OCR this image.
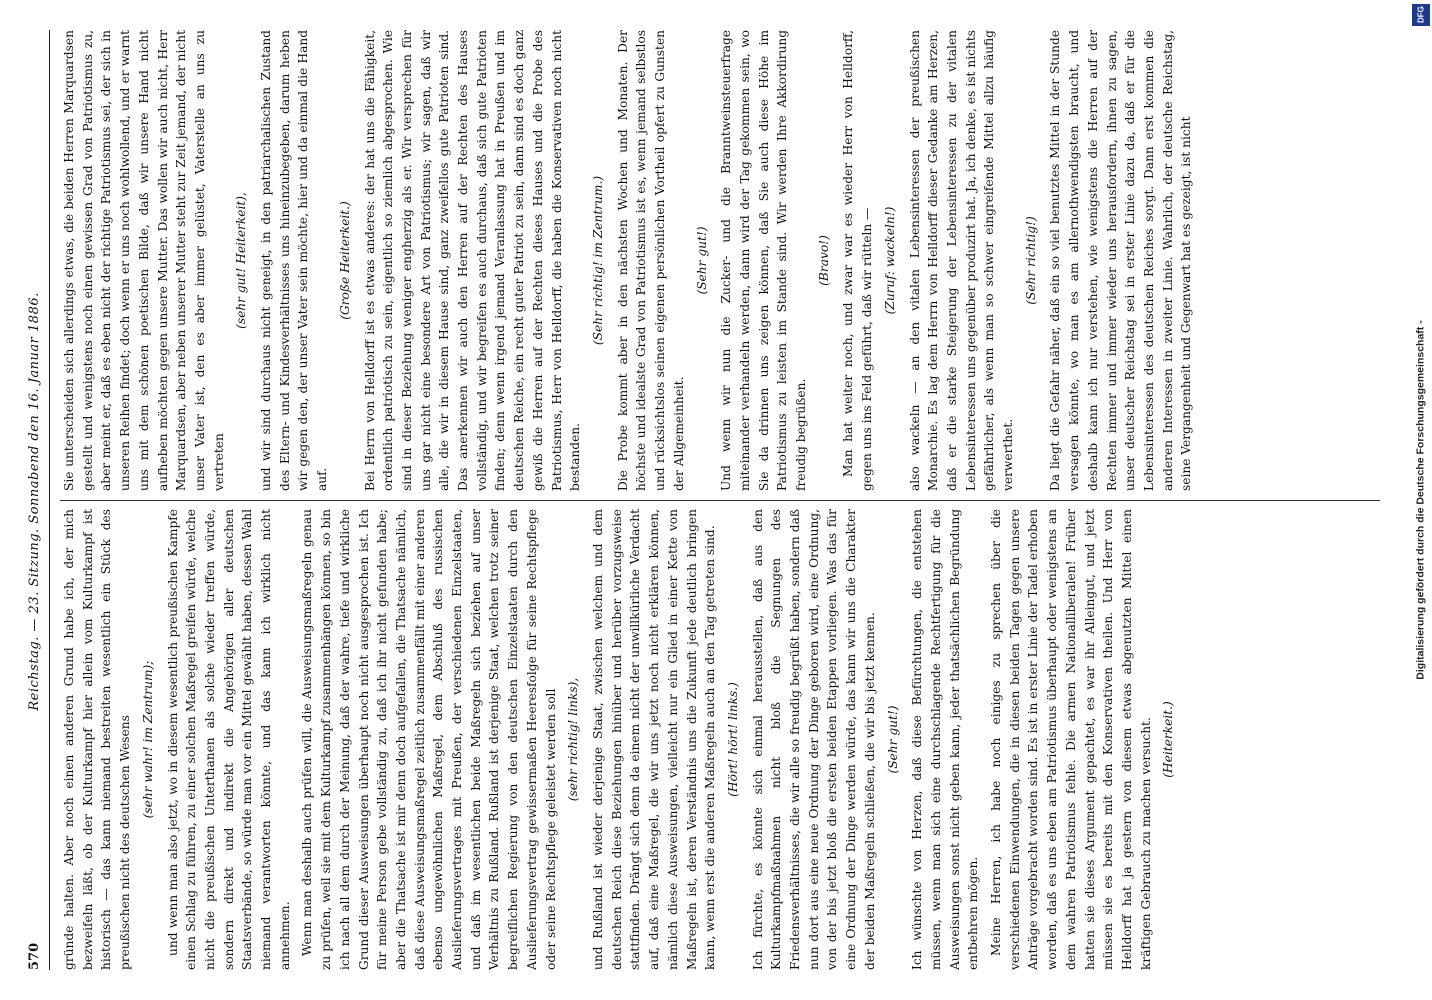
570
Reichstag. — 23. Sitzung. Sonnabend den 16. Januar 1886.

gründe halten. Aber noch einen anderen Grund habe ich, der mich bezweifeln läßt, ob der Kulturkampf hier allein vom Kulturkampf ist historisch — das kann niemand bestreiten wesentlich ein Stück des preußischen nicht des deutschen Wesens (sehr wahr! im Zentrum); und wenn man also jetzt, wo in diesem wesentlich preußischen Kampfe einen Schlag zu führen, zu einer solchen Maßregel greifen würde, welche nicht die preußischen Unterthanen als solche wieder treffen würde, sondern direkt und indirekt die Angehörigen aller deutschen Staatsverbände, so würde man vor ein Mittel gewählt haben, dessen Wahl niemand verantworten könnte, und das kann ich wirklich nicht annehmen. Wenn man deshalb auch prüfen will, die Ausweisungsmaßregeln genau zu prüfen, weil sie mit dem Kulturkampf zusammenhängen können, so bin ich nach all dem durch der Meinung, daß der wahre, tiefe und wirkliche Grund dieser Ausweisungen überhaupt noch nicht ausgesprochen ist. Ich für meine Person gebe vollständig zu, daß ich ihr nicht gefunden habe; aber die Thatsache ist mir denn doch aufgefallen, die Thatsache nämlich, daß diese Ausweisungsmaßregel zeitlich zusammenfällt mit einer anderen ebenso ungewöhnlichen Maßregel, dem Abschluß des russischen Auslieferungsvertrages mit Preußen, der verschiedenen Einzelstaaten, und daß im wesentlichen beide Maßregeln sich beziehen auf unser Verhältnis zu Rußland. Rußland ist derjenige Staat, welchen trotz seiner begreiflichen Regierung von den deutschen Einzelstaaten durch den Auslieferungsvertrag gewissermaßen Heeresfolge für seine Rechtspflege oder seine Rechtspflege geleistet werden soll (sehr richtig! links), und Rußland ist wieder derjenige Staat, zwischen welchem und dem deutschen Reich diese Beziehungen hinüber und herüber vorzugsweise stattfinden. Drängt sich denn da einem nicht der unwillkürliche Verdacht auf, daß eine Maßregel, die wir uns jetzt noch nicht erklären können, nämlich diese Ausweisungen, vielleicht nur ein Glied in einer Kette von Maßregeln ist, deren Verständnis uns die Zukunft jede deutlich bringen kann, wenn erst die anderen Maßregeln auch an den Tag getreten sind. (Hört! hört! links.) Ich fürchte, es könnte sich einmal herausstellen, daß aus den Kulturkampfmaßnahmen nicht bloß die Segnungen des Friedensverhältnisses, die wir alle so freudig begrüßt haben, sondern daß nun dort aus eine neue Ordnung der Dinge geboren wird, eine Ordnung, von der bis jetzt bloß die ersten beiden Etappen vorliegen. Was das für eine Ordnung der Dinge werden würde, das kann wir uns die Charakter der beiden Maßregeln schließen, die wir bis jetzt kennen. (Sehr gut!) Ich wünschte von Herzen, daß diese Befürchtungen, die entstehen müssen, wenn man sich eine durchschlagende Rechtfertigung für die Ausweisungen sonst nicht geben kann, jeder thatsächlichen Begründung entbehren mögen. Meine Herren, ich habe noch einiges zu sprechen über die verschiedenen Einwendungen, die in diesen beiden Tagen gegen unsere Anträge vorgebracht worden sind. Es ist in erster Linie der Tadel erhoben worden, daß es uns eben am Patriotismus überhaupt oder wenigstens an dem wahren Patriotismus fehle. Die armen Nationalliberalen! Früher hatten sie dieses Argument gepachtet, es war ihr Alleingut, und jetzt müssen sie es bereits mit den Konservativen theilen. Und Herr von Helldorff hat ja gestern von diesem etwas abgenutzten Mittel einen kräftigen Gebrauch zu machen versucht. (Heiterkeit.)

Sie unterscheiden sich allerdings etwas, die beiden Herren Marquardsen gestellt und wenigstens noch einen gewissen Grad von Patriotismus zu, aber meint er, daß es eben nicht der richtige Patriotismus sei, der sich in unseren Reihen findet; doch wenn er uns noch wohlwollend, und er warnt uns mit dem schönen poetischen Bilde, daß wir unsere Hand nicht aufheben möchten gegen unsere Mutter. Das wollen wir auch nicht, Herr Marquardsen, aber neben unserer Mutter steht zur Zeit jemand, der nicht unser Vater ist, den es aber immer gelüstet, Vaterstelle an uns zu vertreten

(sehr gut! Heiterkeit), und wir sind durchaus nicht geneigt, in den patriarchalischen Zustand des Eltern- und Kindesverhältnisses uns hineinzubegeben, darum heben wir gegen den, der unser Vater sein möchte, hier und da einmal die Hand auf.

(Große Heiterkeit.) Bei Herrn von Helldorff ist es etwas anderes: der hat uns die Fähigkeit, ordentlich patriotisch zu sein, eigentlich so ziemlich abgesprochen. Wie sind in dieser Beziehung weniger engherzig als er. Wir versprechen für uns gar nicht eine besondere Art von Patriotismus; wir sagen, daß wir alle, die wir in diesem Hause sind, ganz zweifellos gute Patrioten sind. Das anerkennen wir auch den Herren auf der Rechten des Hauses vollständig, und wir begreifen es auch durchaus, daß sich gute Patrioten finden; denn wenn irgend jemand Veranlassung hat in Preußen und im deutschen Reiche, ein recht guter Patriot zu sein, dann sind es doch ganz gewiß die Herren auf der Rechten dieses Hauses und die Probe des Patriotismus, Herr von Helldorff, die haben die Konservativen noch nicht bestanden.

(Sehr richtig! im Zentrum.) Die Probe kommt aber in den nächsten Wochen und Monaten. Der höchste und idealste Grad von Patriotismus ist es, wenn jemand selbstlos und rücksichtslos seinen eigenen persönlichen Vortheil opfert zu Gunsten der Allgemeinheit.

(Sehr gut!) Und wenn wir nun die Zucker- und die Branntweinsteuerfrage miteinander verhandeln werden, dann wird der Tag gekommen sein, wo Sie da drinnen uns zeigen können, daß Sie auch diese Höhe im Patriotismus zu leisten im Stande sind. Wir werden Ihre Akkordirung freudig begrüßen.

(Bravo!) Man hat weiter noch, und zwar war es wieder Herr von Helldorff, gegen uns ins Feld geführt, daß wir rütteln — (Zuruf: wackeln!) also wackeln — an den vitalen Lebensinteressen der preußischen Monarchie. Es lag dem Herrn von Helldorff dieser Gedanke am Herzen, daß er die starke Steigerung der Lebensinteressen zu der vitalen Lebensinteressen uns gegenüber produzirt hat. Ja, ich denke, es ist nichts gefährlicher, als wenn man so schwer eingreifende Mittel allzu häufig verwerthet.

(Sehr richtig!) Da liegt die Gefahr näher, daß ein so viel benutztes Mittel in der Stunde versagen könnte, wo man es am allernothwendigsten braucht, und deshalb kann ich nur verstehen, wie wenigstens die Herren auf der Rechten immer und immer wieder uns herausfordern, ihnen zu sagen, unser deutscher Reichstag sei in erster Linie dazu da, daß er für die Lebensinteressen des deutschen Reiches sorgt. Dann erst kommen die anderen Interessen in zweiter Linie. Wahrlich, der deutsche Reichstag, seine Vergangenheit und Gegenwart hat es gezeigt, ist nicht

Digitalisierung gefördert durch die Deutsche Forschungsgemeinschaft -
DFG
